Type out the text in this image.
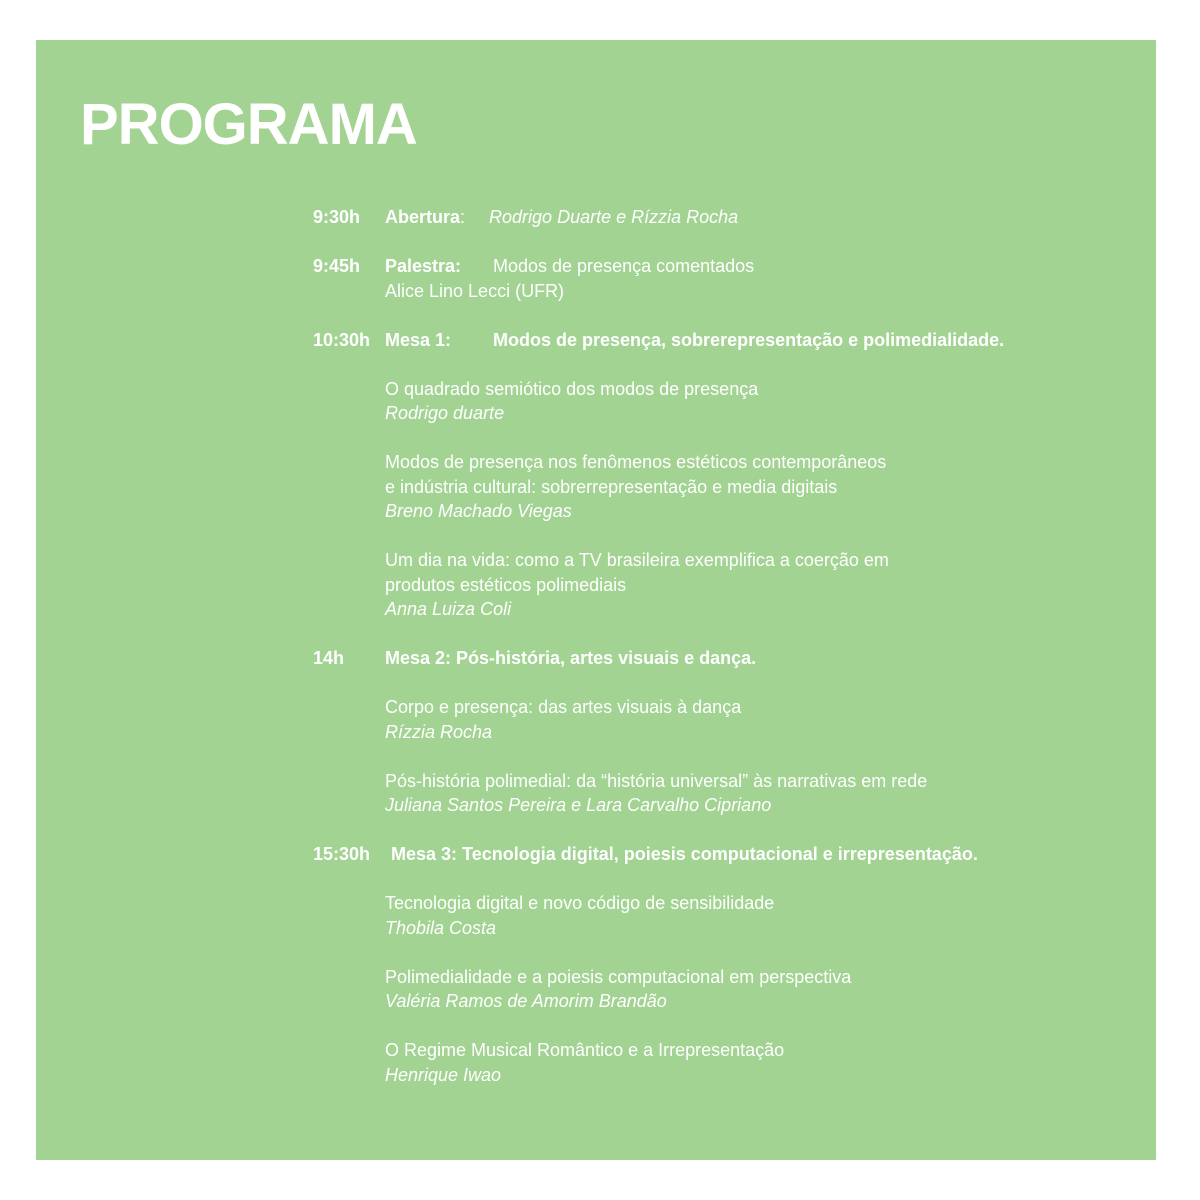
PROGRAMA
9:30h Abertura: Rodrigo Duarte e Rízzia Rocha
9:45h Palestra: Modos de presença comentados
Alice Lino Lecci (UFR)
10:30h Mesa 1: Modos de presença, sobrerepresentação e polimedialidade.
O quadrado semiótico dos modos de presença
Rodrigo duarte
Modos de presença nos fenômenos estéticos contemporâneos
e indústria cultural: sobrerrepresentação e media digitais
Breno Machado Viegas
Um dia na vida: como a TV brasileira exemplifica a coerção em
produtos estéticos polimediais
Anna Luiza Coli
14h Mesa 2: Pós-história, artes visuais e dança.
Corpo e presença: das artes visuais à dança
Rízzia Rocha
Pós-história polimedial: da “história universal” às narrativas em rede
Juliana Santos Pereira e Lara Carvalho Cipriano
15:30h Mesa 3: Tecnologia digital, poiesis computacional e irrepresentação.
Tecnologia digital e novo código de sensibilidade
Thobila Costa
Polimedialidade e a poiesis computacional em perspectiva
Valéria Ramos de Amorim Brandão
O Regime Musical Romântico e a Irrepresentação
Henrique Iwao
